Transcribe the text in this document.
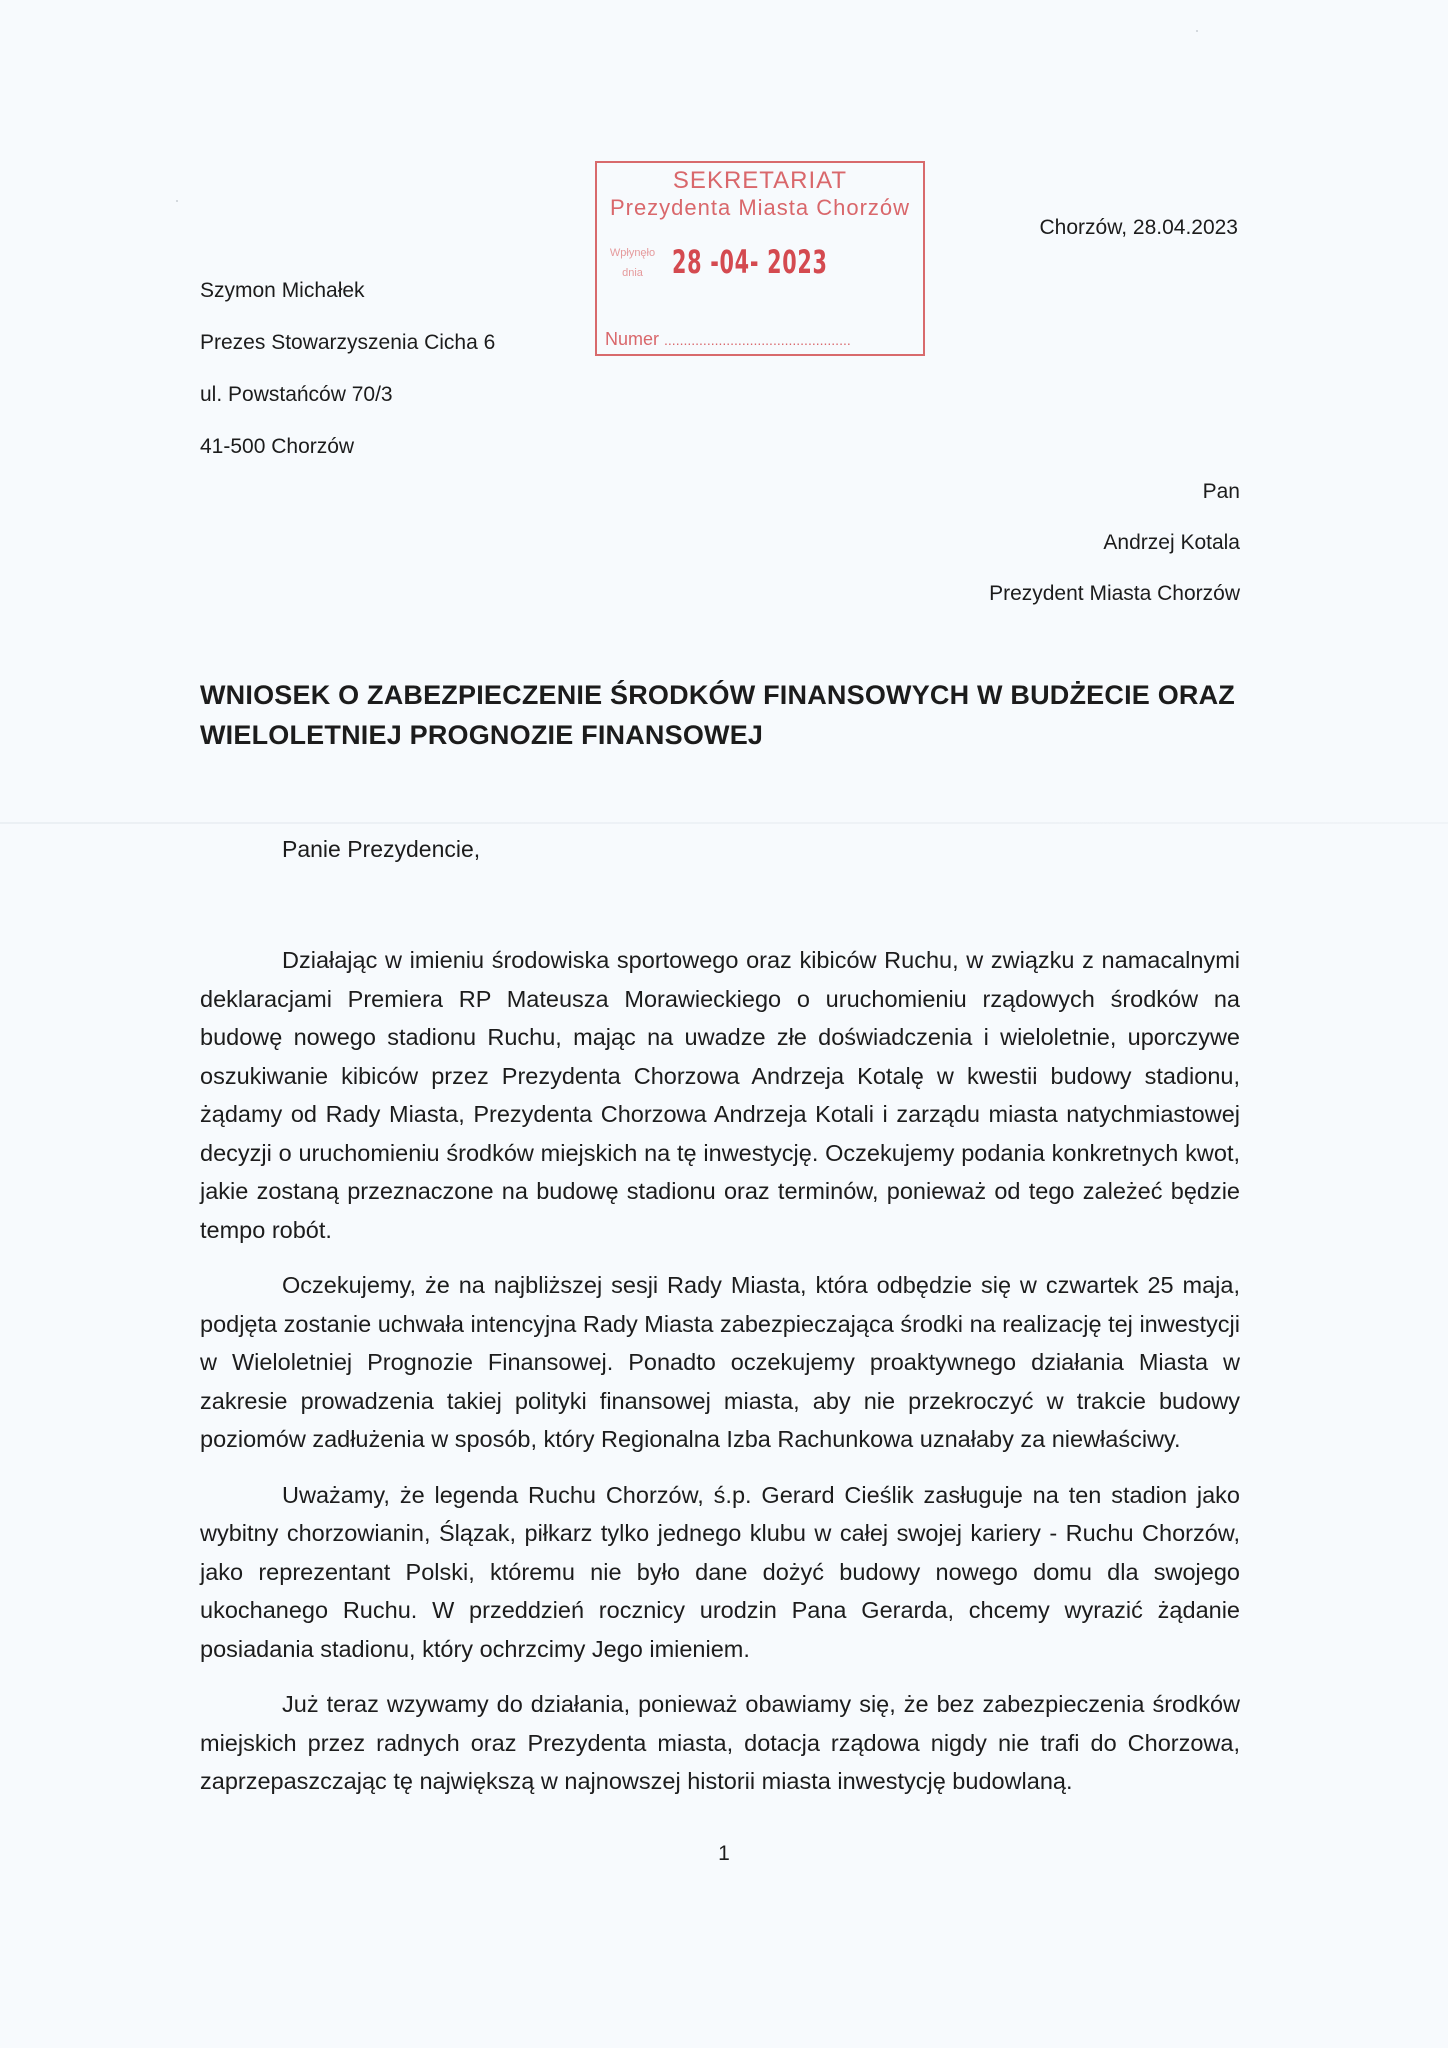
Szymon Michałek
Prezes Stowarzyszenia Cicha 6
ul. Powstańców 70/3
41-500 Chorzów
SEKRETARIAT
Prezydenta Miasta Chorzów
Wpłynęło
dnia 28 -04- 2023
Numer ................................................
Chorzów, 28.04.2023
Pan
Andrzej Kotala
Prezydent Miasta Chorzów
WNIOSEK O ZABEZPIECZENIE ŚRODKÓW FINANSOWYCH W BUDŻECIE ORAZ WIELOLETNIEJ PROGNOZIE FINANSOWEJ
Panie Prezydencie,

Działając w imieniu środowiska sportowego oraz kibiców Ruchu, w związku z namacalnymi deklaracjami Premiera RP Mateusza Morawieckiego o uruchomieniu rządowych środków na budowę nowego stadionu Ruchu, mając na uwadze złe doświadczenia i wieloletnie, uporczywe oszukiwanie kibiców przez Prezydenta Chorzowa Andrzeja Kotalę w kwestii budowy stadionu, żądamy od Rady Miasta, Prezydenta Chorzowa Andrzeja Kotali i zarządu miasta natychmiastowej decyzji o uruchomieniu środków miejskich na tę inwestycję. Oczekujemy podania konkretnych kwot, jakie zostaną przeznaczone na budowę stadionu oraz terminów, ponieważ od tego zależeć będzie tempo robót.

Oczekujemy, że na najbliższej sesji Rady Miasta, która odbędzie się w czwartek 25 maja, podjęta zostanie uchwała intencyjna Rady Miasta zabezpieczająca środki na realizację tej inwestycji w Wieloletniej Prognozie Finansowej. Ponadto oczekujemy proaktywnego działania Miasta w zakresie prowadzenia takiej polityki finansowej miasta, aby nie przekroczyć w trakcie budowy poziomów zadłużenia w sposób, który Regionalna Izba Rachunkowa uznałaby za niewłaściwy.

Uważamy, że legenda Ruchu Chorzów, ś.p. Gerard Cieślik zasługuje na ten stadion jako wybitny chorzowianin, Ślązak, piłkarz tylko jednego klubu w całej swojej kariery - Ruchu Chorzów, jako reprezentant Polski, któremu nie było dane dożyć budowy nowego domu dla swojego ukochanego Ruchu. W przeddzień rocznicy urodzin Pana Gerarda, chcemy wyrazić żądanie posiadania stadionu, który ochrzcimy Jego imieniem.

Już teraz wzywamy do działania, ponieważ obawiamy się, że bez zabezpieczenia środków miejskich przez radnych oraz Prezydenta miasta, dotacja rządowa nigdy nie trafi do Chorzowa, zaprzepaszczając tę największą w najnowszej historii miasta inwestycję budowlaną.

1
